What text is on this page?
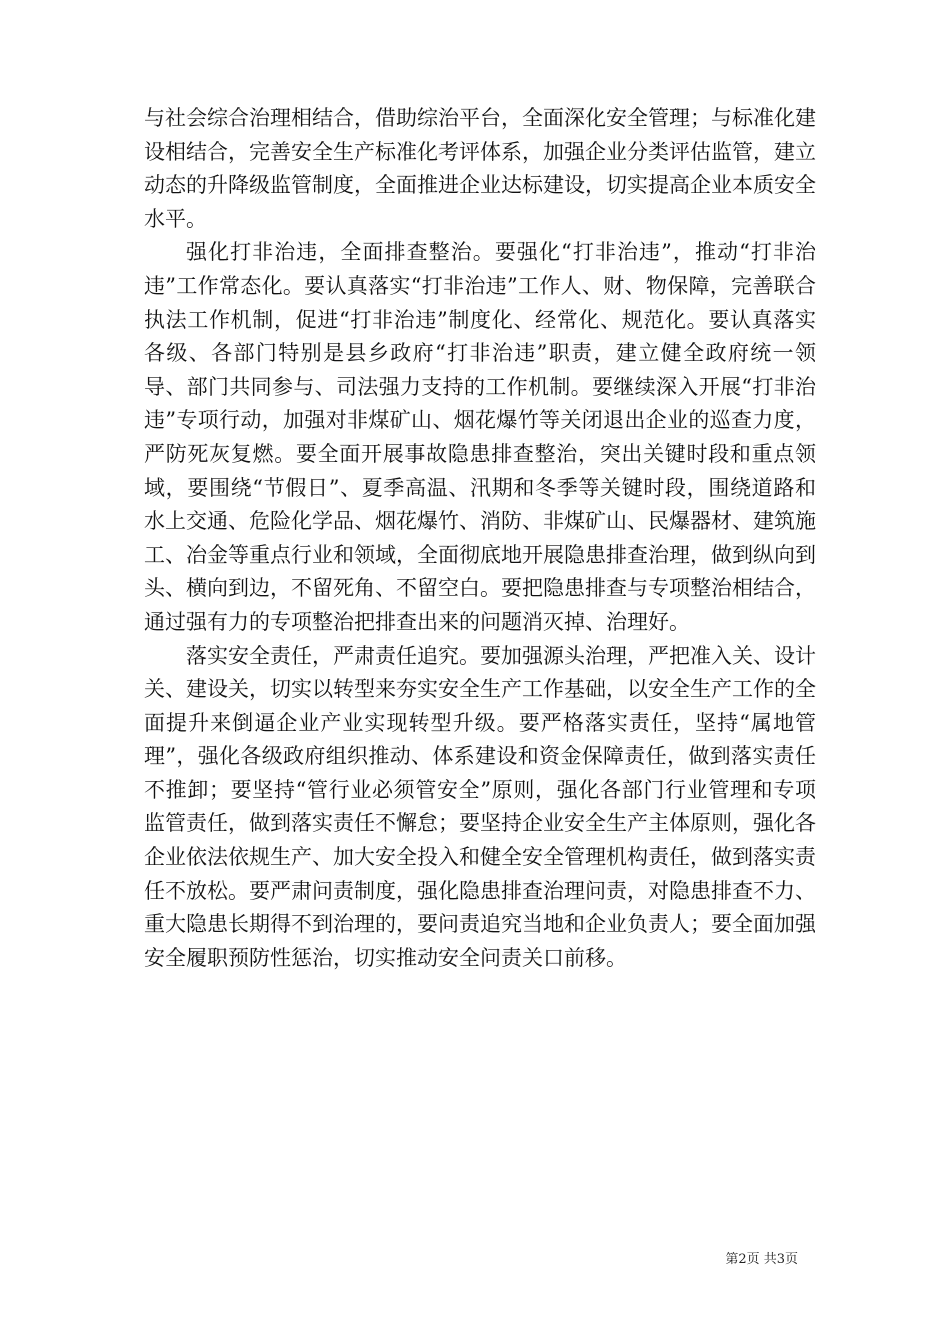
与社会综合治理相结合，借助综治平台，全面深化安全管理；与标准化建设相结合，完善安全生产标准化考评体系，加强企业分类评估监管，建立动态的升降级监管制度，全面推进企业达标建设，切实提高企业本质安全水平。

强化打非治违，全面排查整治。要强化“打非治违”，推动“打非治违”工作常态化。要认真落实“打非治违”工作人、财、物保障，完善联合执法工作机制，促进“打非治违”制度化、经常化、规范化。要认真落实各级、各部门特别是县乡政府“打非治违”职责，建立健全政府统一领导、部门共同参与、司法强力支持的工作机制。要继续深入开展“打非治违”专项行动，加强对非煤矿山、烟花爆竹等关闭退出企业的巡查力度，严防死灰复燃。要全面开展事故隐患排查整治，突出关键时段和重点领域，要围绕“节假日”、夏季高温、汛期和冬季等关键时段，围绕道路和水上交通、危险化学品、烟花爆竹、消防、非煤矿山、民爆器材、建筑施工、冶金等重点行业和领域，全面彻底地开展隐患排查治理，做到纵向到头、横向到边，不留死角、不留空白。要把隐患排查与专项整治相结合，通过强有力的专项整治把排查出来的问题消灭掉、治理好。

落实安全责任，严肃责任追究。要加强源头治理，严把准入关、设计关、建设关，切实以转型来夯实安全生产工作基础，以安全生产工作的全面提升来倒逼企业产业实现转型升级。要严格落实责任，坚持“属地管理”，强化各级政府组织推动、体系建设和资金保障责任，做到落实责任不推卸；要坚持“管行业必须管安全”原则，强化各部门行业管理和专项监管责任，做到落实责任不懈怠；要坚持企业安全生产主体原则，强化各企业依法依规生产、加大安全投入和健全安全管理机构责任，做到落实责任不放松。要严肃问责制度，强化隐患排查治理问责，对隐患排查不力、重大隐患长期得不到治理的，要问责追究当地和企业负责人；要全面加强安全履职预防性惩治，切实推动安全问责关口前移。

第2页 共3页
